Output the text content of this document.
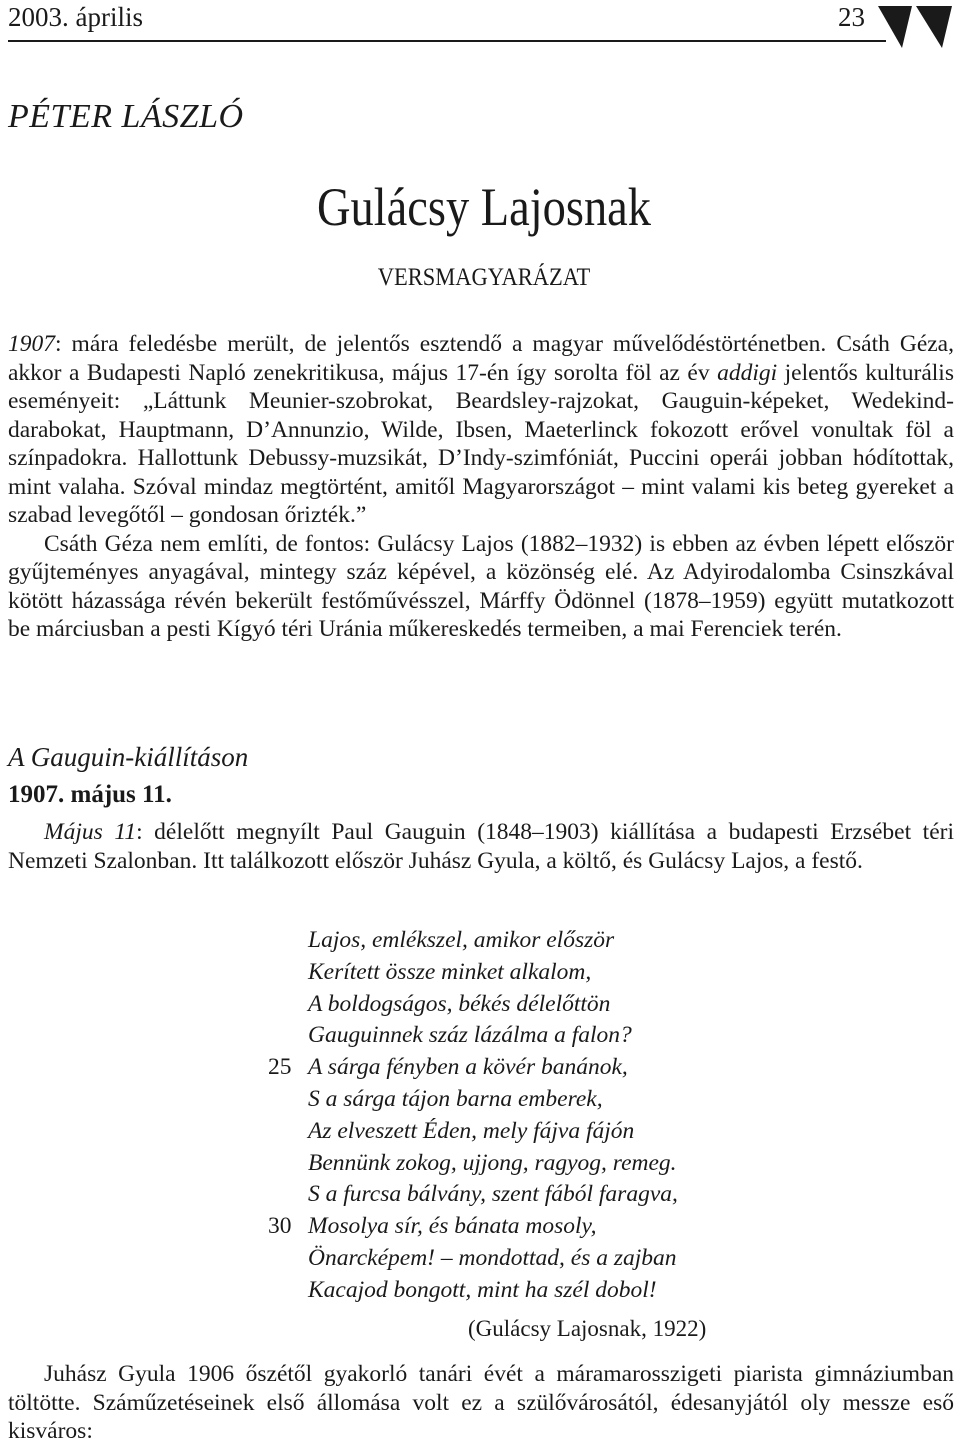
2003. április	23
PÉTER LÁSZLÓ
Gulácsy Lajosnak
VERSMAGYARÁZAT

1907: mára feledésbe merült, de jelentős esztendő a magyar művelődéstörténetben. Csáth Géza, akkor a Budapesti Napló zenekritikusa, május 17-én így sorolta föl az év addigi jelentős kulturális eseményeit: „Láttunk Meunier-szobrokat, Beardsley-rajzokat, Gauguin-képeket, Wedekind-darabokat, Hauptmann, D’Annunzio, Wilde, Ibsen, Maeterlinck fokozott erővel vonultak föl a színpadokra. Hallottunk Debussy-muzsikát, D’Indy-szimfóniát, Puccini operái jobban hódítottak, mint valaha. Szóval mindaz megtörtént, amitől Magyarországot – mint valami kis beteg gyereket a szabad levegőtől – gondosan őrizték.”

Csáth Géza nem említi, de fontos: Gulácsy Lajos (1882–1932) is ebben az évben lépett először gyűjteményes anyagával, mintegy száz képével, a közönség elé. Az Adyirodalomba Csinszkával kötött házassága révén bekerült festőművésszel, Márffy Ödönnel (1878–1959) együtt mutatkozott be márciusban a pesti Kígyó téri Uránia műkereskedés termeiben, a mai Ferenciek terén.

A Gauguin-kiállításon
1907. május 11.

Május 11: délelőtt megnyílt Paul Gauguin (1848–1903) kiállítása a budapesti Erzsébet téri Nemzeti Szalonban. Itt találkozott először Juhász Gyula, a költő, és Gulácsy Lajos, a festő.

Lajos, emlékszel, amikor először
Kerített össze minket alkalom,
A boldogságos, békés délelőttön
Gauguinnek száz lázálma a falon?
25 A sárga fényben a kövér banánok,
S a sárga tájon barna emberek,
Az elveszett Éden, mely fájva fájón
Bennünk zokog, ujjong, ragyog, remeg.
S a furcsa bálvány, szent fából faragva,
30 Mosolya sír, és bánata mosoly,
Önarcképem! – mondottad, és a zajban
Kacajod bongott, mint ha szél dobol!
(Gulácsy Lajosnak, 1922)

Juhász Gyula 1906 őszétől gyakorló tanári évét a máramarosszigeti piarista gimnáziumban töltötte. Száműzetéseinek első állomása volt ez a szülővárosától, édesanyjától oly messze eső kisváros:
